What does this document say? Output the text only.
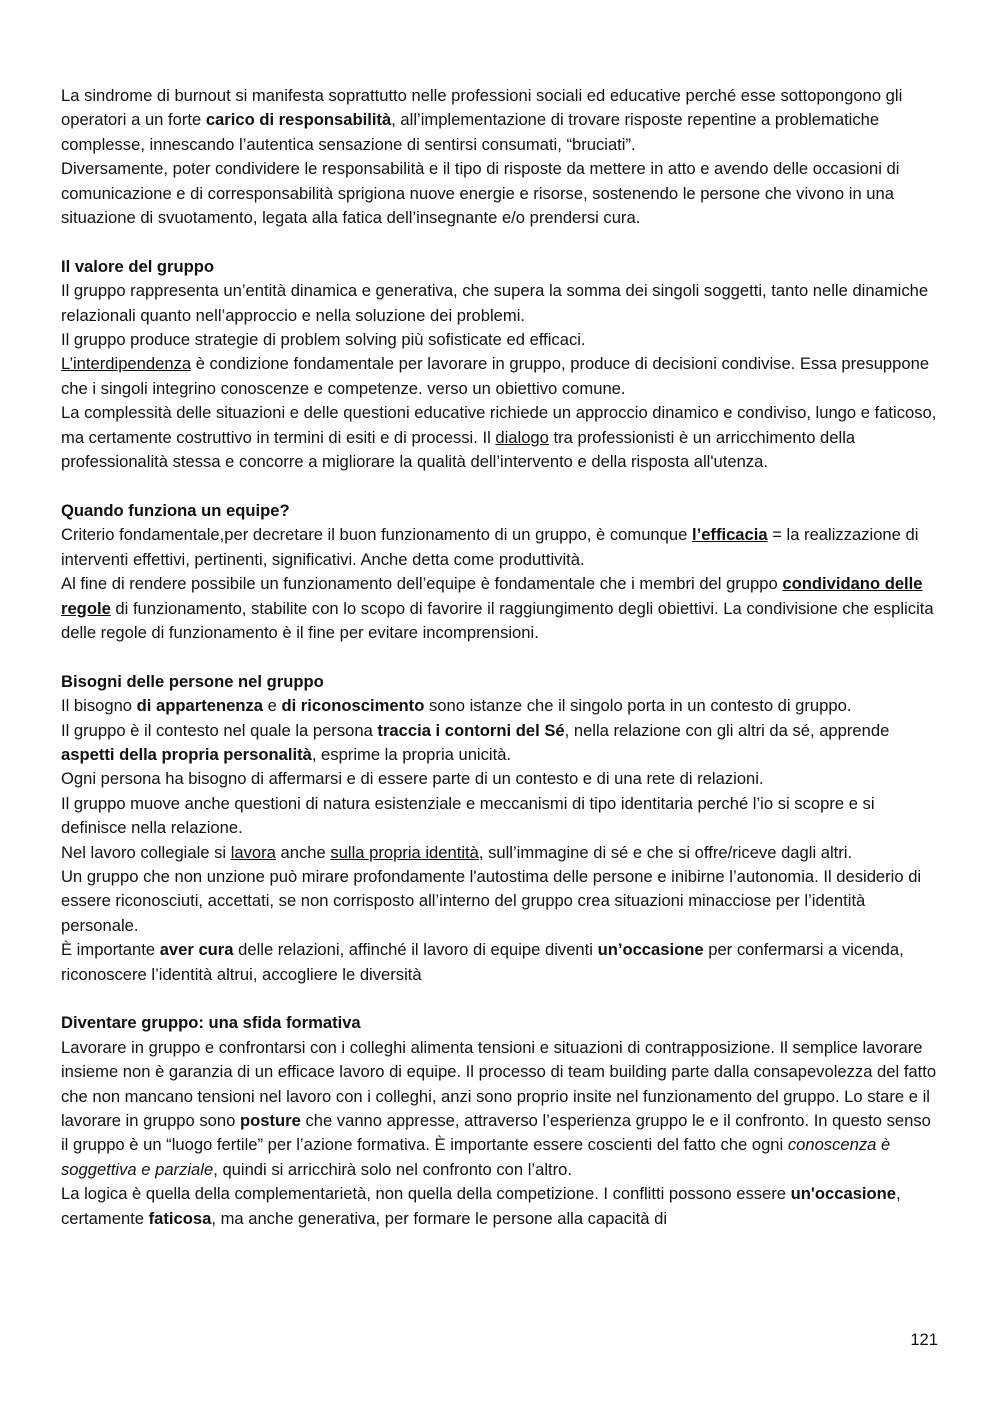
La sindrome di burnout si manifesta soprattutto nelle professioni sociali ed educative perché esse sottopongono gli operatori a un forte carico di responsabilità, all’implementazione di trovare risposte repentine a problematiche complesse, innescando l’autentica sensazione di sentirsi consumati, “bruciati”.
Diversamente, poter condividere le responsabilità e il tipo di risposte da mettere in atto e avendo delle occasioni di comunicazione e di corresponsabilità sprigiona nuove energie e risorse, sostenendo le persone che vivono in una situazione di svuotamento, legata alla fatica dell’insegnante e/o prendersi cura.
Il valore del gruppo
Il gruppo rappresenta un’entità dinamica e generativa, che supera la somma dei singoli soggetti, tanto nelle dinamiche relazionali quanto nell’approccio e nella soluzione dei problemi.
Il gruppo produce strategie di problem solving più sofisticate ed efficaci.
L’interdipendenza è condizione fondamentale per lavorare in gruppo, produce di decisioni condivise. Essa presuppone che i singoli integrino conoscenze e competenze. verso un obiettivo comune.
La complessità delle situazioni e delle questioni educative richiede un approccio dinamico e condiviso, lungo e faticoso, ma certamente costruttivo in termini di esiti e di processi. Il dialogo tra professionisti è un arricchimento della professionalità stessa e concorre a migliorare la qualità dell’intervento e della risposta all'utenza.
Quando funziona un equipe?
Criterio fondamentale,per decretare il buon funzionamento di un gruppo, è comunque l’efficacia = la realizzazione di interventi effettivi, pertinenti, significativi. Anche detta come produttività.
Al fine di rendere possibile un funzionamento dell’equipe è fondamentale che i membri del gruppo condividano delle regole di funzionamento, stabilite con lo scopo di favorire il raggiungimento degli obiettivi. La condivisione che esplicita delle regole di funzionamento è il fine per evitare incomprensioni.
Bisogni delle persone nel gruppo
Il bisogno di appartenenza e di riconoscimento sono istanze che il singolo porta in un contesto di gruppo.
Il gruppo è il contesto nel quale la persona traccia i contorni del Sé, nella relazione con gli altri da sé, apprende aspetti della propria personalità, esprime la propria unicità.
Ogni persona ha bisogno di affermarsi e di essere parte di un contesto e di una rete di relazioni.
Il gruppo muove anche questioni di natura esistenziale e meccanismi di tipo identitaria perché l’io si scopre e si definisce nella relazione.
Nel lavoro collegiale si lavora anche sulla propria identità, sull’immagine di sé e che si offre/riceve dagli altri.
Un gruppo che non unzione può mirare profondamente l'autostima delle persone e inibirne l’autonomia. Il desiderio di essere riconosciuti, accettati, se non corrisposto all’interno del gruppo crea situazioni minacciose per l’identità personale.
È importante aver cura delle relazioni, affinché il lavoro di equipe diventi un’occasione per confermarsi a vicenda, riconoscere l’identità altrui, accogliere le diversità
Diventare gruppo: una sfida formativa
Lavorare in gruppo e confrontarsi con i colleghi alimenta tensioni e situazioni di contrapposizione. Il semplice lavorare insieme non è garanzia di un efficace lavoro di equipe. Il processo di team building parte dalla consapevolezza del fatto che non mancano tensioni nel lavoro con i colleghi, anzi sono proprio insite nel funzionamento del gruppo. Lo stare e il lavorare in gruppo sono posture che vanno appresse, attraverso l’esperienza gruppo le e il confronto. In questo senso il gruppo è un “luogo fertile” per l’azione formativa. È importante essere coscienti del fatto che ogni conoscenza è soggettiva e parziale, quindi si arricchirà solo nel confronto con l’altro.
La logica è quella della complementarietà, non quella della competizione. I conflitti possono essere un'occasione, certamente faticosa, ma anche generativa, per formare le persone alla capacità di
121
